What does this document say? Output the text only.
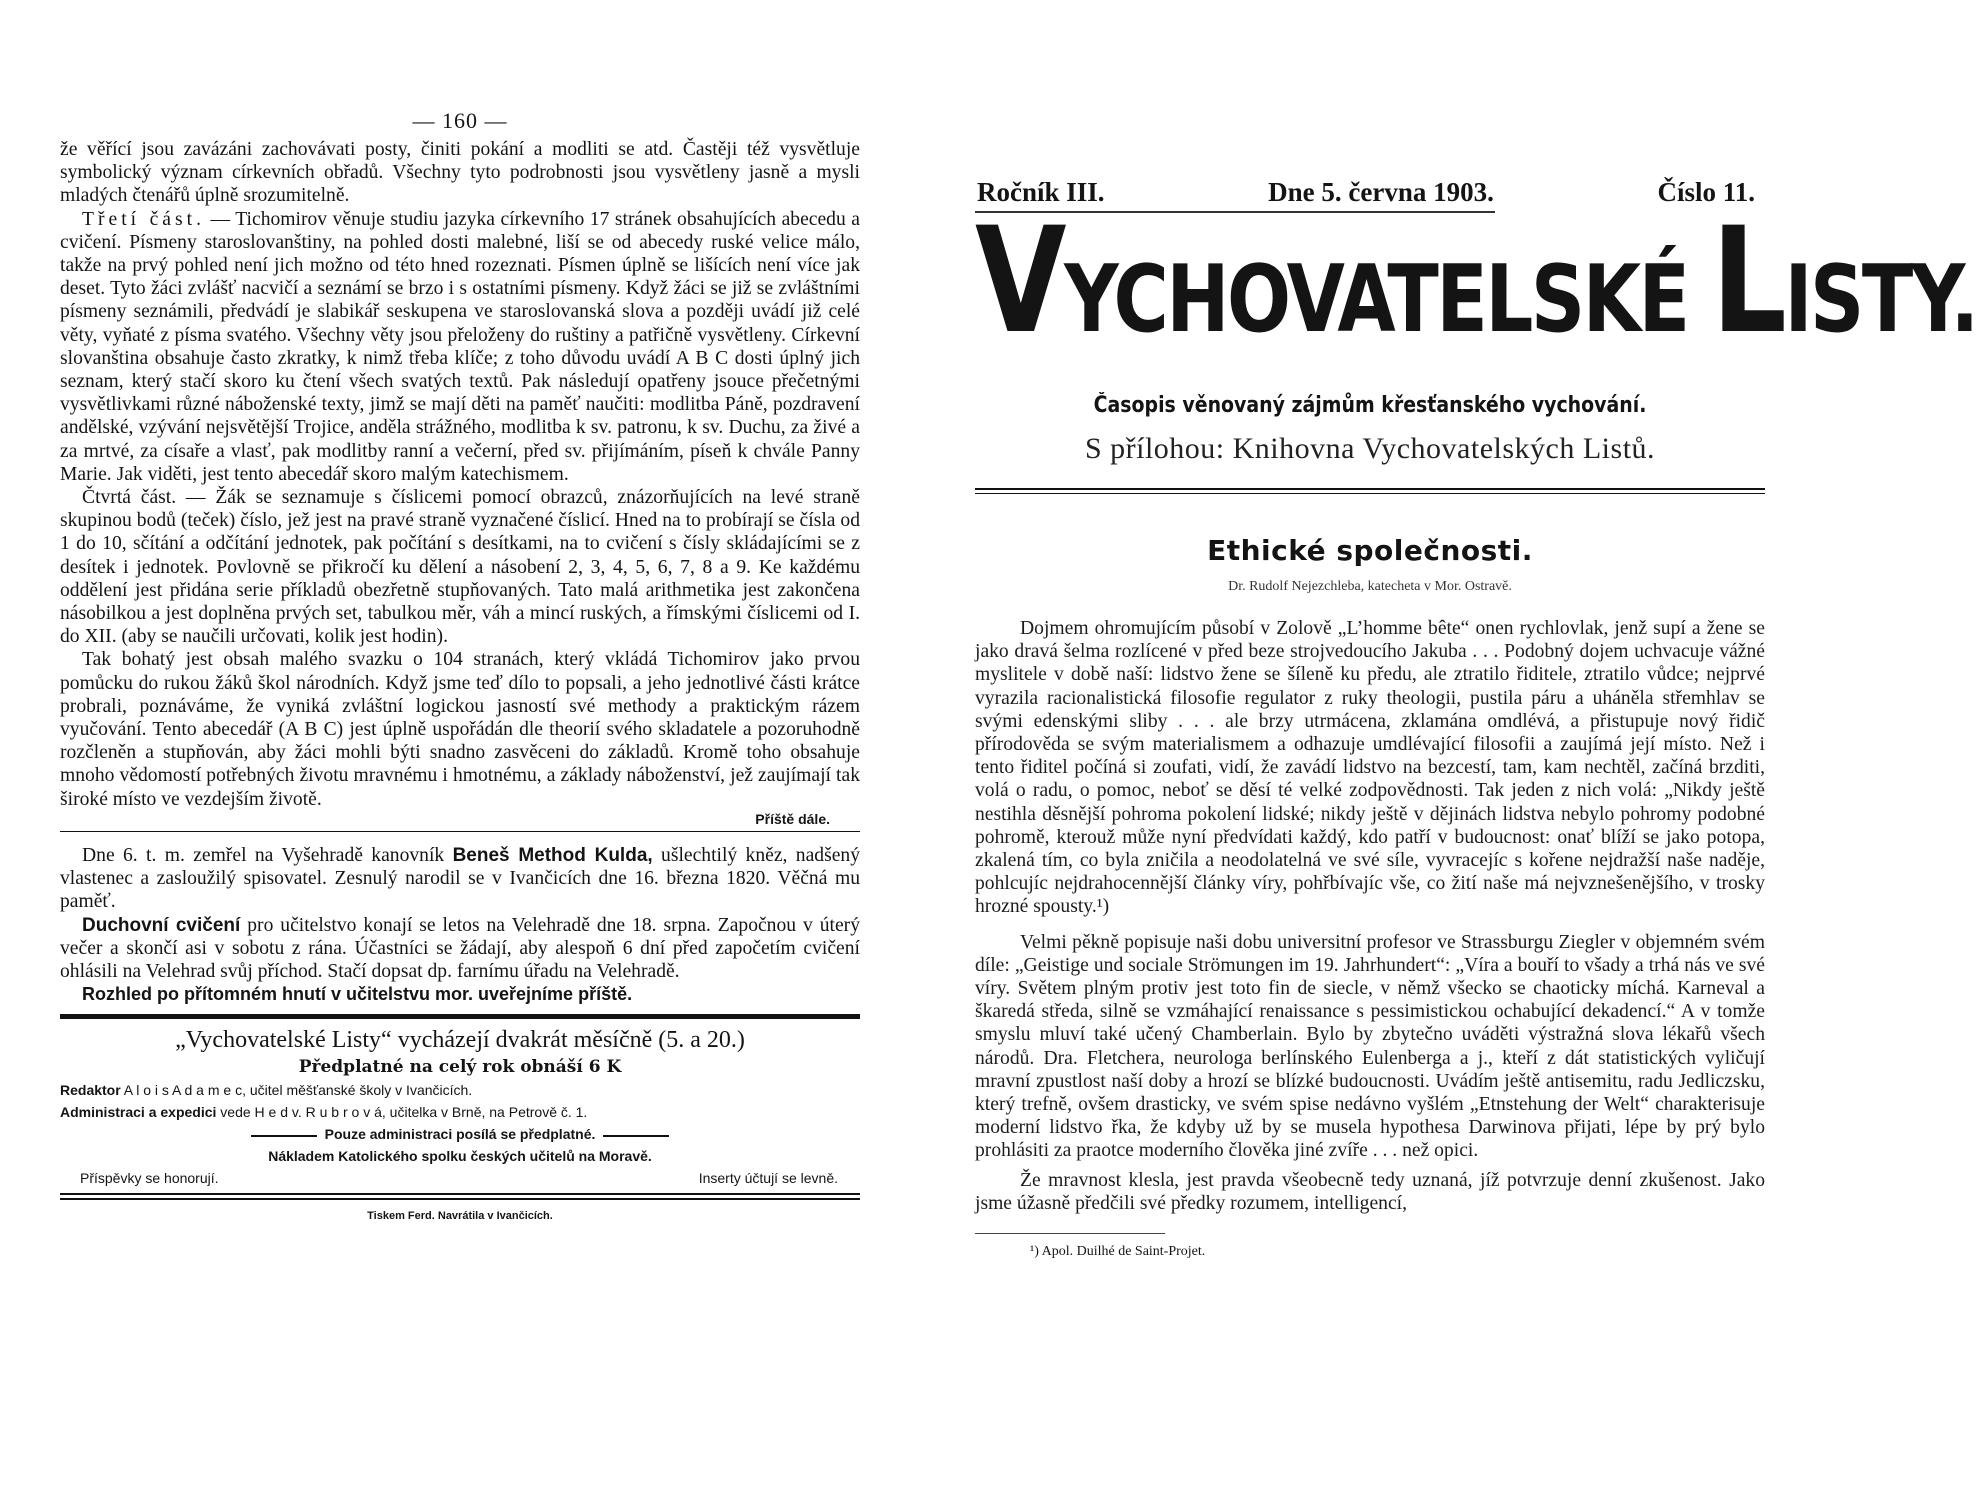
— 160 —

že věřící jsou zavázáni zachovávati posty, činiti pokání a modliti se atd. Častěji též vysvětluje symbolický význam církevních obřadů. Všechny tyto podrobnosti jsou vysvětleny jasně a mysli mladých čtenářů úplně srozumitelně.

Třetí část. — Tichomirov věnuje studiu jazyka církevního 17 stránek obsahujících abecedu a cvičení. Písmeny staroslovanštiny, na pohled dosti malebné, liší se od abecedy ruské velice málo, takže na prvý pohled není jich možno od této hned rozeznati. Písmen úplně se lišících není více jak deset. Tyto žáci zvlášť nacvičí a seznámí se brzo i s ostatními písmeny. Když žáci se již se zvláštními písmeny seznámili, předvádí je slabikář seskupena ve staroslovanská slova a později uvádí již celé věty, vyňaté z písma svatého. Všechny věty jsou přeloženy do ruštiny a patřičně vysvětleny. Církevní slovanština obsahuje často zkratky, k nimž třeba klíče; z toho důvodu uvádí A B C dosti úplný jich seznam, který stačí skoro ku čtení všech svatých textů. Pak následují opatřeny jsouce přečetnými vysvětlivkami různé náboženské texty, jimž se mají děti na paměť naučiti: modlitba Páně, pozdravení andělské, vzývání nejsvětější Trojice, anděla strážného, modlitba k sv. patronu, k sv. Duchu, za živé a za mrtvé, za císaře a vlasť, pak modlitby ranní a večerní, před sv. přijímáním, píseň k chvále Panny Marie. Jak viděti, jest tento abecedář skoro malým katechismem.

Čtvrtá část. — Žák se seznamuje s číslicemi pomocí obrazců, znázorňujících na levé straně skupinou bodů (teček) číslo, jež jest na pravé straně vyznačené číslicí. Hned na to probírají se čísla od 1 do 10, sčítání a odčítání jednotek, pak počítání s desítkami, na to cvičení s čísly skládajícími se z desítek i jednotek. Povlovně se přikročí ku dělení a násobení 2, 3, 4, 5, 6, 7, 8 a 9. Ke každému oddělení jest přidána serie příkladů obezřetně stupňovaných. Tato malá arithmetika jest zakončena násobilkou a jest doplněna prvých set, tabulkou měr, váh a mincí ruských, a římskými číslicemi od I. do XII. (aby se naučili určovati, kolik jest hodin).

Tak bohatý jest obsah malého svazku o 104 stranách, který vkládá Tichomirov jako prvou pomůcku do rukou žáků škol národních. Když jsme teď dílo to popsali, a jeho jednotlivé části krátce probrali, poznáváme, že vyniká zvláštní logickou jasností své methody a praktickým rázem vyučování. Tento abecedář (A B C) jest úplně uspořádán dle theorií svého skladatele a pozoruhodně rozčleněn a stupňován, aby žáci mohli býti snadno zasvěceni do základů. Kromě toho obsahuje mnoho vědomostí potřebných životu mravnému i hmotnému, a základy náboženství, jež zaujímají tak široké místo ve vezdejším životě.

Příště dále.

Dne 6. t. m. zemřel na Vyšehradě kanovník Beneš Method Kulda, ušlechtilý kněz, nadšený vlastenec a zasloužilý spisovatel. Zesnulý narodil se v Ivančicích dne 16. března 1820. Věčná mu paměť.

Duchovní cvičení pro učitelstvo konají se letos na Velehradě dne 18. srpna. Započnou v úterý večer a skončí asi v sobotu z rána. Účastníci se žádají, aby alespoň 6 dní před započetím cvičení ohlásili na Velehrad svůj příchod. Stačí dopsat dp. farnímu úřadu na Velehradě.

Rozhled po přítomném hnutí v učitelstvu mor. uveřejníme příště.

„Vychovatelské Listy“ vycházejí dvakrát měsíčně (5. a 20.)
Předplatné na celý rok obnáší 6 K
Redaktor A l o i s A d a m e c, učitel měšťanské školy v Ivančicích.
Administraci a expedici vede H e d v. R u b r o v á, učitelka v Brně, na Petrově č. 1.
Pouze administraci posílá se předplatné.
Nákladem Katolického spolku českých učitelů na Moravě.
Příspěvky se honorují.	Inserty účtují se levně.
Tiskem Ferd. Navrátila v Ivančicích.
Ročník III.	Dne 5. června 1903.	Číslo 11.
VYCHOVATELSKÉ LISTY.
Časopis věnovaný zájmům křesťanského vychování.
S přílohou: Knihovna Vychovatelských Listů.
Ethické společnosti.
Dr. Rudolf Nejezchleba, katecheta v Mor. Ostravě.

Dojmem ohromujícím působí v Zolově „L’homme bête“ onen rychlovlak, jenž supí a žene se jako dravá šelma rozlícené v před beze strojvedoucího Jakuba . . . Podobný dojem uchvacuje vážné myslitele v době naší: lidstvo žene se šíleně ku předu, ale ztratilo řiditele, ztratilo vůdce; nejprvé vyrazila racionalistická filosofie regulator z ruky theologii, pustila páru a uháněla střemhlav se svými edenskými sliby . . . ale brzy utrmácena, zklamána omdlévá, a přistupuje nový řidič přírodověda se svým materialismem a odhazuje umdlévající filosofii a zaujímá její místo. Než i tento řiditel počíná si zoufati, vidí, že zavádí lidstvo na bezcestí, tam, kam nechtěl, začíná brzditi, volá o radu, o pomoc, neboť se děsí té velké zodpovědnosti. Tak jeden z nich volá: „Nikdy ještě nestihla děsnější pohroma pokolení lidské; nikdy ještě v dějinách lidstva nebylo pohromy podobné pohromě, kterouž může nyní předvídati každý, kdo patří v budoucnost: onať blíží se jako potopa, zkalená tím, co byla zničila a neodolatelná ve své síle, vyvracejíc s kořene nejdražší naše naděje, pohlcujíc nejdrahocennější články víry, pohřbívajíc vše, co žití naše má nejvznešenějšího, v trosky hrozné spousty.¹)

Velmi pěkně popisuje naši dobu universitní profesor ve Strassburgu Ziegler v objemném svém díle: „Geistige und sociale Strömungen im 19. Jahrhundert“: „Víra a bouří to všady a trhá nás ve své víry. Světem plným protiv jest toto fin de siecle, v němž všecko se chaoticky míchá. Karneval a škaredá středa, silně se vzmáhající renaissance s pessimistickou ochabující dekadencí.“ A v tomže smyslu mluví také učený Chamberlain. Bylo by zbytečno uváděti výstražná slova lékařů všech národů. Dra. Fletchera, neurologa berlínského Eulenberga a j., kteří z dát statistických vyličují mravní zpustlost naší doby a hrozí se blízké budoucnosti. Uvádím ještě antisemitu, radu Jedliczsku, který trefně, ovšem drasticky, ve svém spise nedávno vyšlém „Etnstehung der Welt“ charakterisuje moderní lidstvo řka, že kdyby už by se musela hypothesa Darwinova přijati, lépe by prý bylo prohlásiti za praotce moderního člověka jiné zvíře . . . než opici.

Že mravnost klesla, jest pravda všeobecně tedy uznaná, jíž potvrzuje denní zkušenost. Jako jsme úžasně předčili své předky rozumem, intelligencí,

¹) Apol. Duilhé de Saint-Projet.
